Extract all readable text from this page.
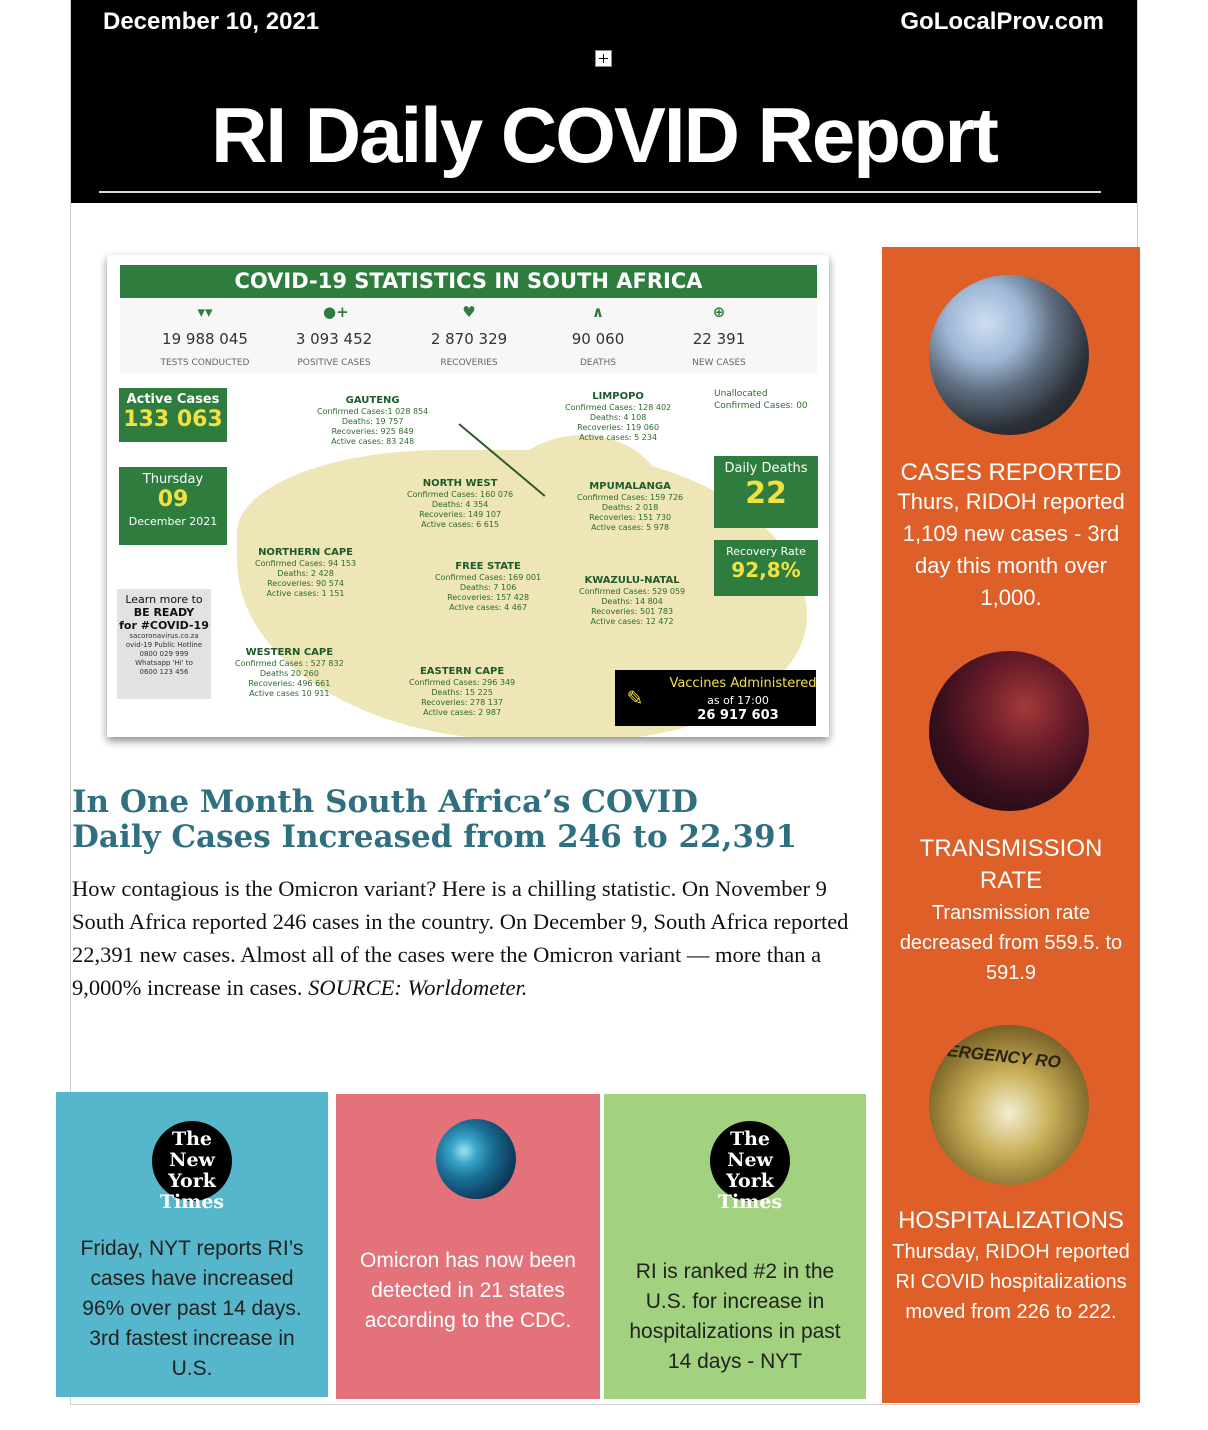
December 10, 2021	GoLocalProv.com
RI Daily COVID Report
COVID-19 STATISTICS IN SOUTH AFRICA
▾▾
19 988 045
TESTS CONDUCTED
●+
3 093 452
POSITIVE CASES
♥
2 870 329
RECOVERIES
∧
90 060
DEATHS
⊕
22 391
NEW CASES
Active Cases
133 063
Thursday
09
December 2021
Daily Deaths
22
Recovery Rate
92,8%
Unallocated
Confirmed Cases: 00
Learn more to
BE READY
for #COVID-19
sacoronavirus.co.za
ovid-19 Public Hotline
0800 029 999
Whatsapp 'Hi' to
0600 123 456
GAUTENG
Confirmed Cases:1 028 854
Deaths: 19 757
Recoveries: 925 849
Active cases: 83 248
LIMPOPO
Confirmed Cases: 128 402
Deaths: 4 108
Recoveries: 119 060
Active cases: 5 234
NORTH WEST
Confirmed Cases: 160 076
Deaths: 4 354
Recoveries: 149 107
Active cases: 6 615
MPUMALANGA
Confirmed Cases: 159 726
Deaths: 2 018
Recoveries: 151 730
Active cases: 5 978
NORTHERN CAPE
Confirmed Cases: 94 153
Deaths: 2 428
Recoveries: 90 574
Active cases: 1 151
FREE STATE
Confirmed Cases: 169 001
Deaths: 7 106
Recoveries: 157 428
Active cases: 4 467
KWAZULU-NATAL
Confirmed Cases: 529 059
Deaths: 14 804
Recoveries: 501 783
Active cases: 12 472
WESTERN CAPE
Confirmed Cases : 527 832
Deaths 20 260
Recoveries: 496 661
Active cases 10 911
EASTERN CAPE
Confirmed Cases: 296 349
Deaths: 15 225
Recoveries: 278 137
Active cases: 2 987
✎
Vaccines Administered
as of 17:00
26 917 603
In One Month South Africa’s COVID
Daily Cases Increased from 246 to 22,391
How contagious is the Omicron variant? Here is a chilling statistic. On November 9 South Africa reported 246 cases in the country. On December 9, South Africa reported 22,391 new cases. Almost all of the cases were the Omicron variant — more than a 9,000% increase in cases. SOURCE: Worldometer.
CASES REPORTED
Thurs, RIDOH reported 1,109 new cases - 3rd day this month over 1,000.
TRANSMISSION RATE
Transmission rate decreased from 559.5. to 591.9
ERGENCY RO
HOSPITALIZATIONS
Thursday, RIDOH reported RI COVID hospitalizations moved from 226 to 222.
The
New York
Times
Friday, NYT reports RI’s cases have increased 96% over past 14 days. 3rd fastest increase in U.S.
Omicron has now been detected in 21 states according to the CDC.
The
New York
Times
RI is ranked #2 in the U.S. for increase in hospitalizations in past 14 days - NYT
